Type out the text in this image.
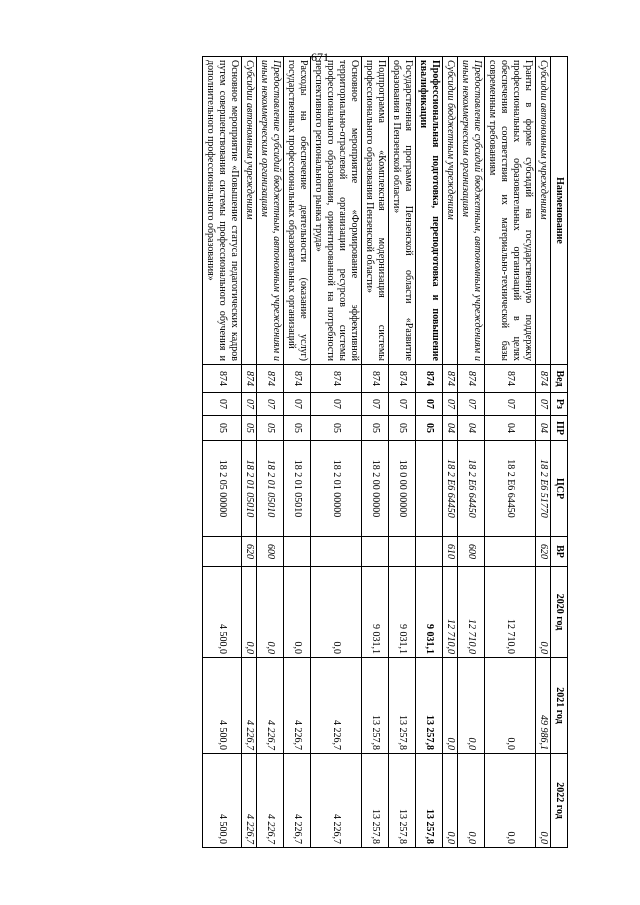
671
Наименование	Вед	Рз	ПР	ЦСР	ВР	2020 год	2021 год	2022 год
Субсидии автономным учреждениям	874	07	04	18 2 Е6 51770	620	0,0	49 986,1	0,0
Гранты в форме субсидий на государственную поддержку профессиональных образовательных организаций в целях обеспечения соответствия их материально-технической базы современным требованиям	874	07	04	18 2 Е6 64450		12 710,0	0,0	0,0
Предоставление субсидий бюджетным, автономным учреждениям и иным некоммерческим организациям	874	07	04	18 2 Е6 64450	600	12 710,0	0,0	0,0
Субсидии бюджетным учреждениям	874	07	04	18 2 Е6 64450	610	12 710,0	0,0	0,0
Профессиональная подготовка, переподготовка и повышение квалификации	874	07	05			9 031,1	13 257,8	13 257,8
Государственная программа Пензенской области «Развитие образования в Пензенской области»	874	07	05	18 0 00 00000		9 031,1	13 257,8	13 257,8
Подпрограмма «Комплексная модернизация системы профессионального образования Пензенской области»	874	07	05	18 2 00 00000		9 031,1	13 257,8	13 257,8
Основное мероприятие «Формирование эффективной территориально-отраслевой организации ресурсов системы профессионального образования, ориентированной на потребности перспективного регионального рынка труда»	874	07	05	18 2 01 00000		0,0	4 226,7	4 226,7
Расходы на обеспечение деятельности (оказание услуг) государственных профессиональных образовательных организаций	874	07	05	18 2 01 05010		0,0	4 226,7	4 226,7
Предоставление субсидий бюджетным, автономным учреждениям и иным некоммерческим организациям	874	07	05	18 2 01 05010	600	0,0	4 226,7	4 226,7
Субсидии автономным учреждениям	874	07	05	18 2 01 05010	620	0,0	4 226,7	4 226,7
Основное мероприятие «Повышение статуса педагогических кадров путем совершенствования системы профессионального обучения и дополнительного профессионального образования»	874	07	05	18 2 05 00000		4 500,0	4 500,0	4 500,0
